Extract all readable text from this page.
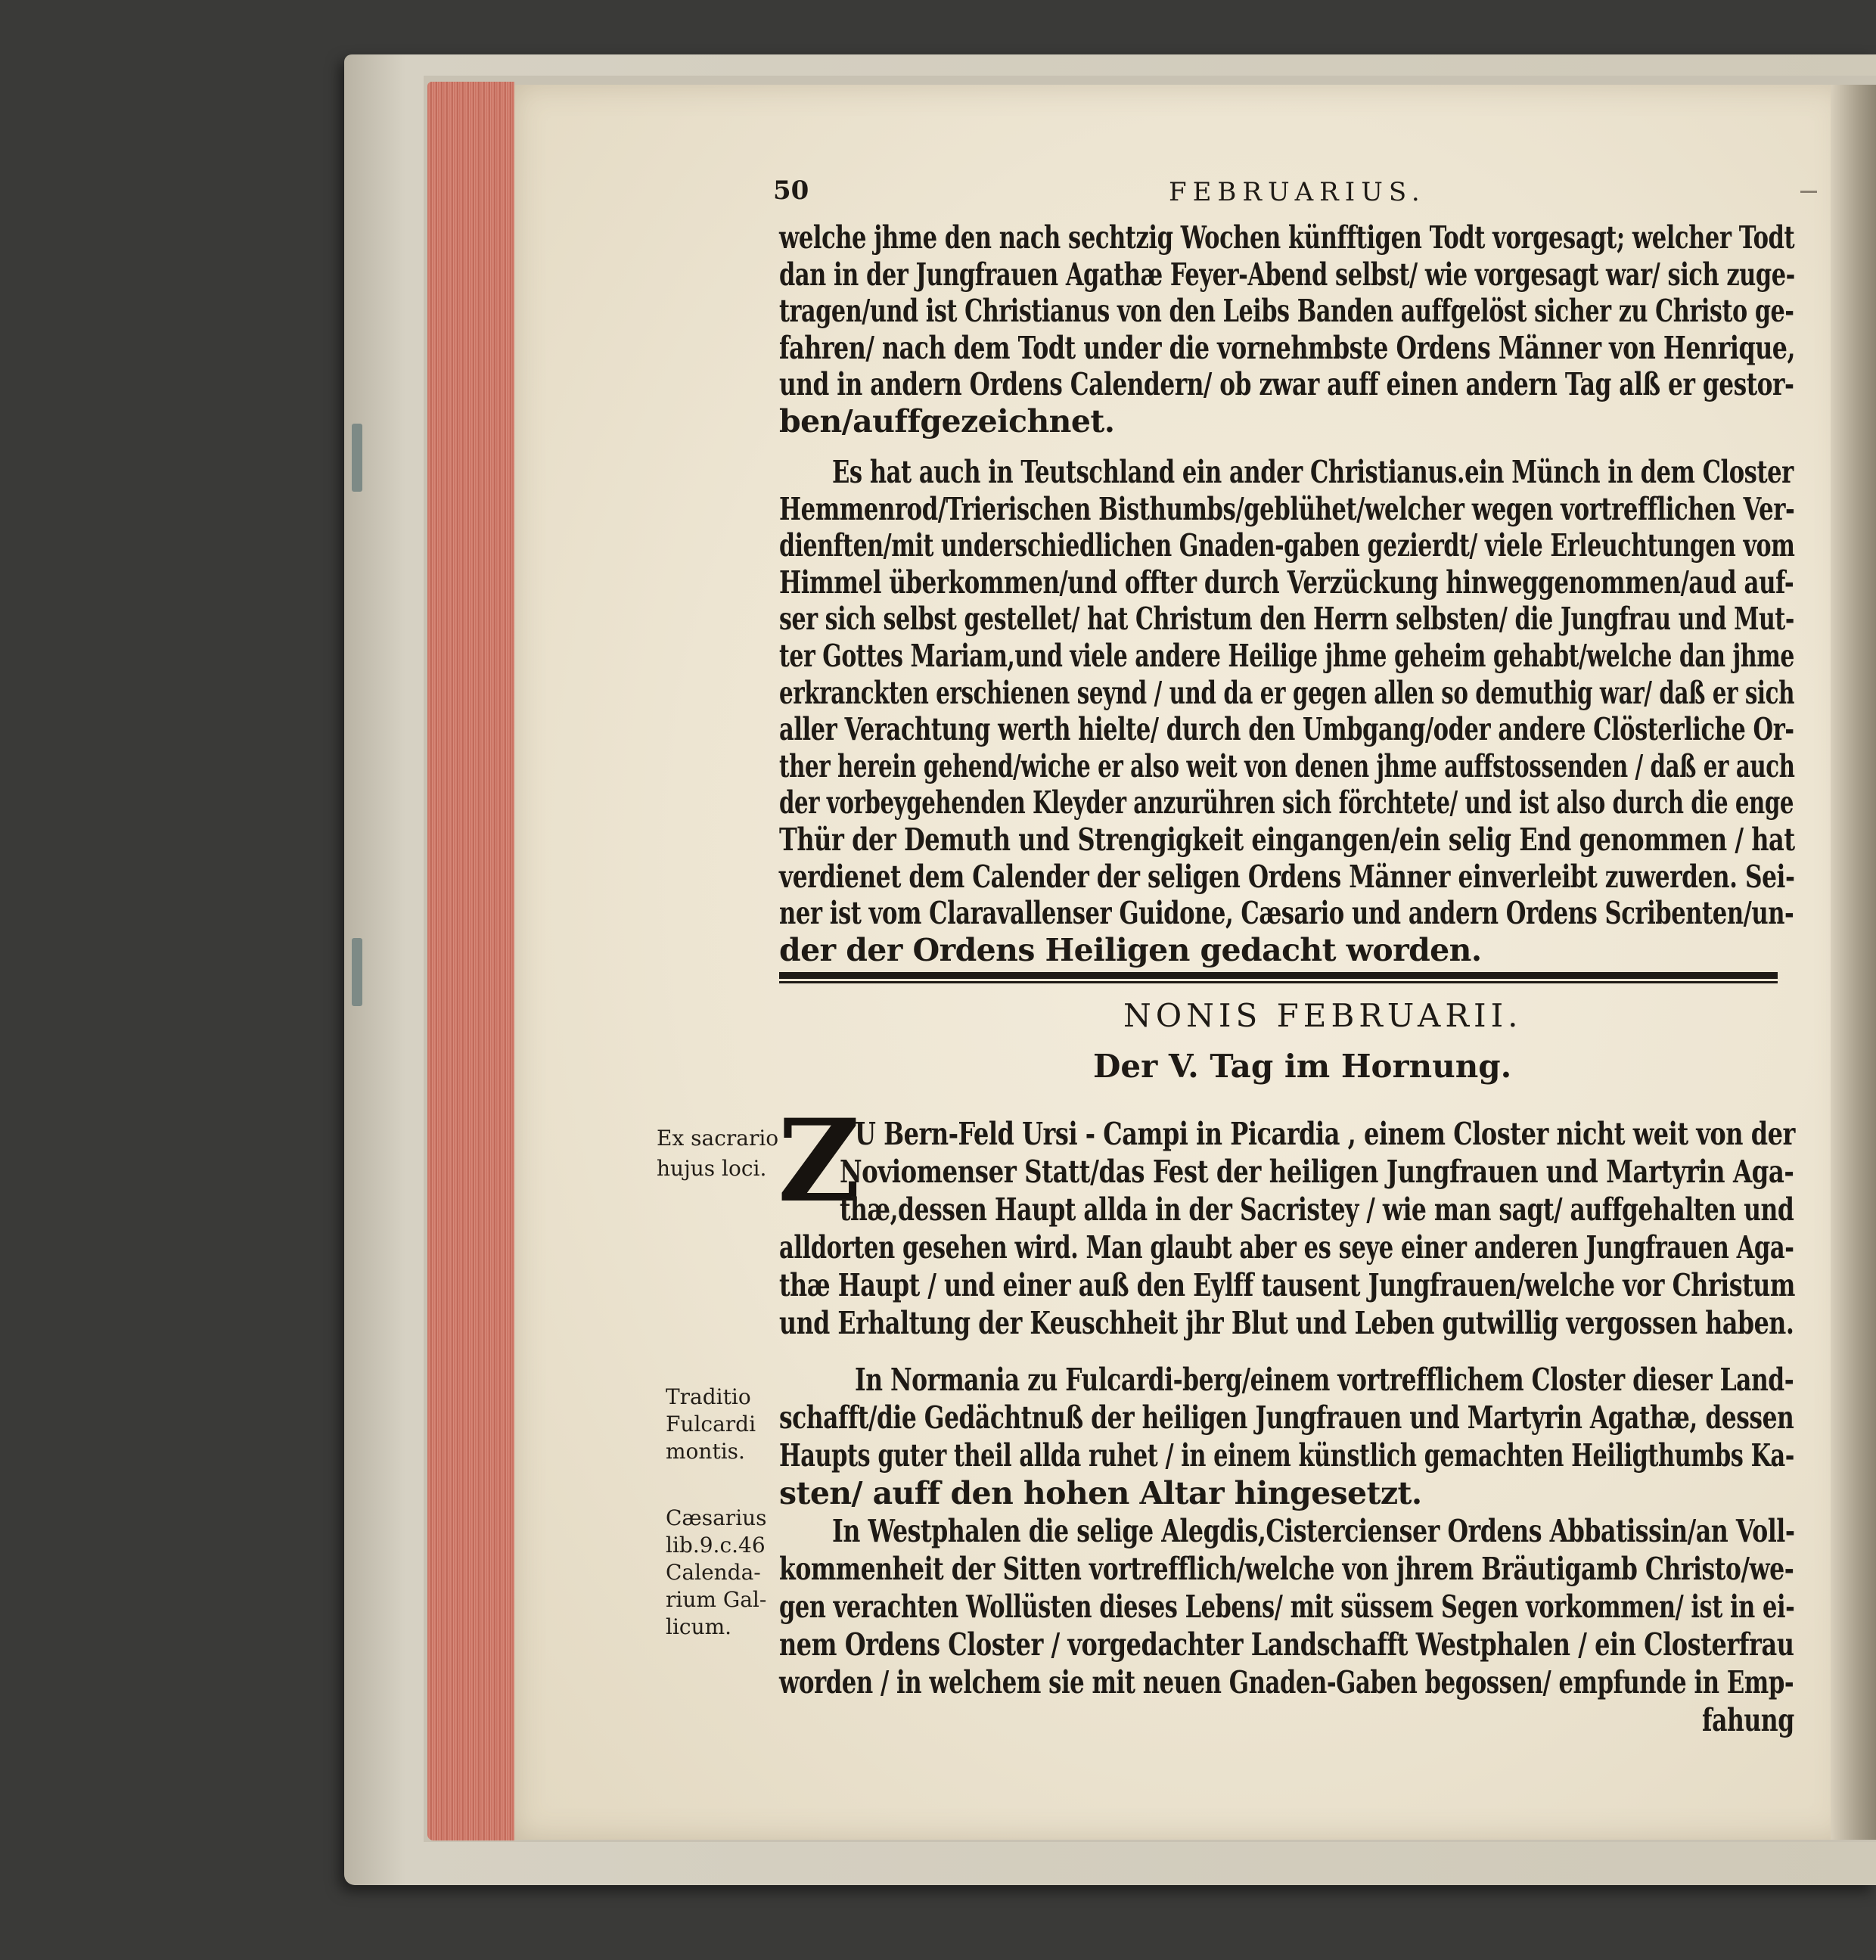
50	FEBRUARIUS.
welche jhme den nach sechtzig Wochen künfftigen Todt vorgesagt; welcher Todt
dan in der Jungfrauen Agathæ Feyer-Abend selbst/ wie vorgesagt war/ sich zuge-
tragen/und ist Christianus von den Leibs Banden auffgelöst sicher zu Christo ge-
fahren/ nach dem Todt under die vornehmbste Ordens Männer von Henrique,
und in andern Ordens Calendern/ ob zwar auff einen andern Tag alß er gestor-
ben/auffgezeichnet.
Es hat auch in Teutschland ein ander Christianus.ein Münch in dem Closter
Hemmenrod/Trierischen Bisthumbs/geblühet/welcher wegen vortrefflichen Ver-
dienften/mit underschiedlichen Gnaden-gaben gezierdt/ viele Erleuchtungen vom
Himmel überkommen/und offter durch Verzückung hinweggenommen/aud auf-
ser sich selbst gestellet/ hat Christum den Herrn selbsten/ die Jungfrau und Mut-
ter Gottes Mariam,und viele andere Heilige jhme geheim gehabt/welche dan jhme
erkranckten erschienen seynd / und da er gegen allen so demuthig war/ daß er sich
aller Verachtung werth hielte/ durch den Umbgang/oder andere Clösterliche Or-
ther herein gehend/wiche er also weit von denen jhme auffstossenden / daß er auch
der vorbeygehenden Kleyder anzurühren sich förchtete/ und ist also durch die enge
Thür der Demuth und Strengigkeit eingangen/ein selig End genommen / hat
verdienet dem Calender der seligen Ordens Männer einverleibt zuwerden. Sei-
ner ist vom Claravallenser Guidone, Cæsario und andern Ordens Scribenten/un-
der der Ordens Heiligen gedacht worden.
NONIS FEBRUARII.
Der V. Tag im Hornung.
Z
U Bern-Feld Ursi - Campi in Picardia , einem Closter nicht weit von der
Noviomenser Statt/das Fest der heiligen Jungfrauen und Martyrin Aga-
thæ,dessen Haupt allda in der Sacristey / wie man sagt/ auffgehalten und
alldorten gesehen wird. Man glaubt aber es seye einer anderen Jungfrauen Aga-
thæ Haupt / und einer auß den Eylff tausent Jungfrauen/welche vor Christum
und Erhaltung der Keuschheit jhr Blut und Leben gutwillig vergossen haben.
In Normania zu Fulcardi-berg/einem vortrefflichem Closter dieser Land-
schafft/die Gedächtnuß der heiligen Jungfrauen und Martyrin Agathæ, dessen
Haupts guter theil allda ruhet / in einem künstlich gemachten Heiligthumbs Ka-
sten/ auff den hohen Altar hingesetzt.
In Westphalen die selige Alegdis,Cistercienser Ordens Abbatissin/an Voll-
kommenheit der Sitten vortrefflich/welche von jhrem Bräutigamb Christo/we-
gen verachten Wollüsten dieses Lebens/ mit süssem Segen vorkommen/ ist in ei-
nem Ordens Closter / vorgedachter Landschafft Westphalen / ein Closterfrau
worden / in welchem sie mit neuen Gnaden-Gaben begossen/ empfunde in Emp-
fahung
Ex sacrario
hujus loci.
Traditio
Fulcardi
montis.
Cæsarius
lib.9.c.46
Calenda-
rium Gal-
licum.
